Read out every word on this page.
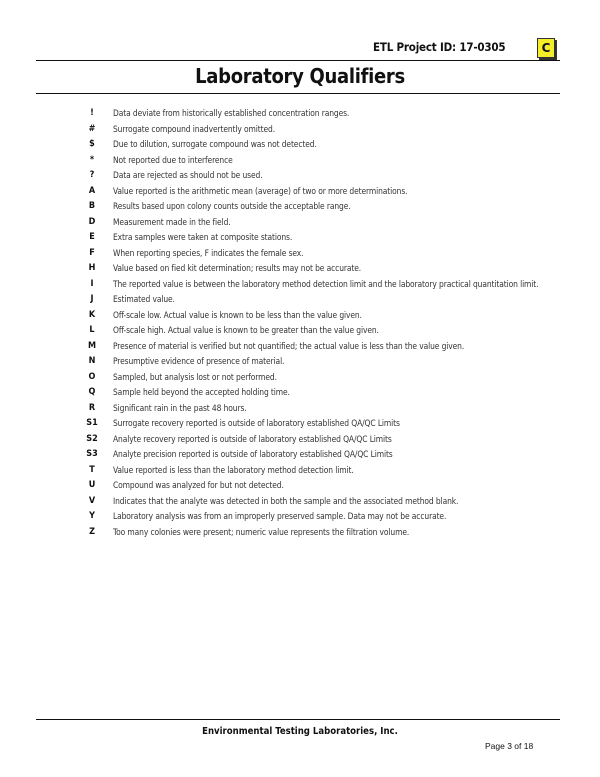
ETL Project ID: 17-0305	C
Laboratory Qualifiers
!	Data deviate from historically established concentration ranges.
#	Surrogate compound inadvertently omitted.
$	Due to dilution, surrogate compound was not detected.
*	Not reported due to interference
?	Data are rejected as should not be used.
A	Value reported is the arithmetic mean (average) of two or more determinations.
B	Results based upon colony counts outside the acceptable range.
D	Measurement made in the field.
E	Extra samples were taken at composite stations.
F	When reporting species, F indicates the female sex.
H	Value based on fied kit determination; results may not be accurate.
I	The reported value is between the laboratory method detection limit and the laboratory practical quantitation limit.
J	Estimated value.
K	Off-scale low. Actual value is known to be less than the value given.
L	Off-scale high. Actual value is known to be greater than the value given.
M	Presence of material is verified but not quantified; the actual value is less than the value given.
N	Presumptive evidence of presence of material.
O	Sampled, but analysis lost or not performed.
Q	Sample held beyond the accepted holding time.
R	Significant rain in the past 48 hours.
S1	Surrogate recovery reported is outside of laboratory established QA/QC Limits
S2	Analyte recovery reported is outside of laboratory established QA/QC Limits
S3	Analyte precision reported is outside of laboratory established QA/QC Limits
T	Value reported is less than the laboratory method detection limit.
U	Compound was analyzed for but not detected.
V	Indicates that the analyte was detected in both the sample and the associated method blank.
Y	Laboratory analysis was from an improperly preserved sample. Data may not be accurate.
Z	Too many colonies were present; numeric value represents the filtration volume.
Environmental Testing Laboratories, Inc.
Page 3 of 18
